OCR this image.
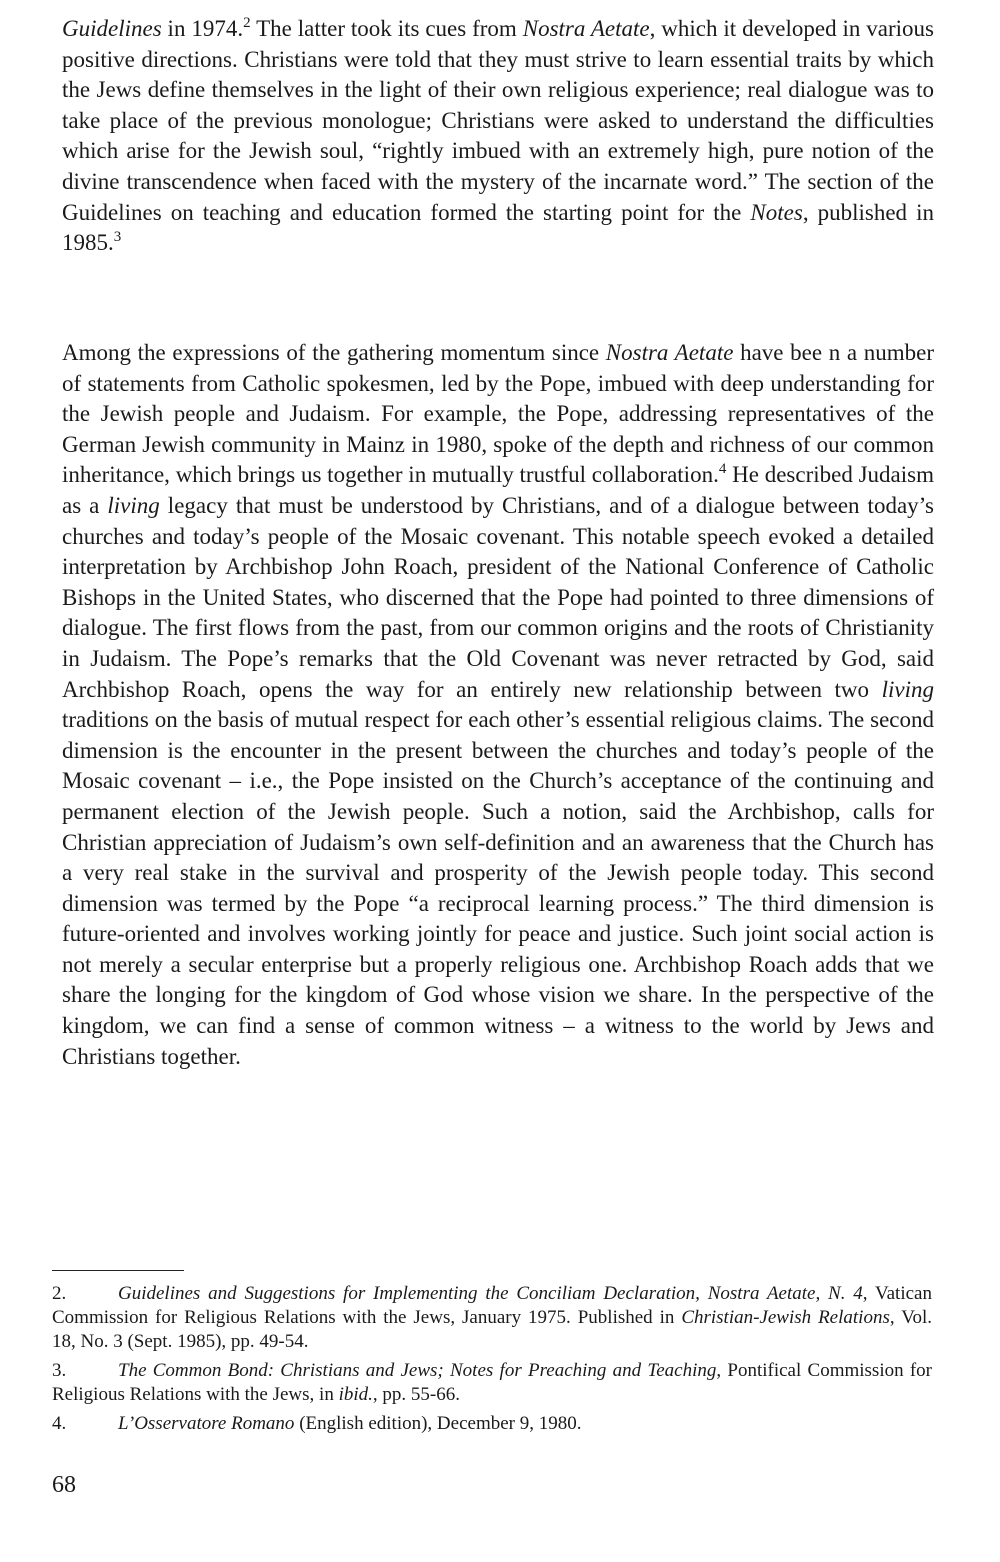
Guidelines in 1974.$^2$ The latter took its cues from Nostra Aetate, which it developed in various positive directions. Christians were told that they must strive to learn essential traits by which the Jews define themselves in the light of their own religious experience; real dialogue was to take place of the previous monologue; Christians were asked to understand the difficulties which arise for the Jewish soul, “rightly imbued with an extremely high, pure notion of the divine transcendence when faced with the mystery of the incarnate word.” The section of the Guidelines on teaching and education formed the starting point for the Notes, published in 1985.$^3$

Among the expressions of the gathering momentum since Nostra Aetate have bee n a number of statements from Catholic spokesmen, led by the Pope, imbued with deep understanding for the Jewish people and Judaism. For example, the Pope, addressing representatives of the German Jewish community in Mainz in 1980, spoke of the depth and richness of our common inheritance, which brings us together in mutually trustful collaboration.$^4$ He described Judaism as a living legacy that must be understood by Christians, and of a dialogue between today’s churches and today’s people of the Mosaic covenant. This notable speech evoked a detailed interpretation by Archbishop John Roach, president of the National Conference of Catholic Bishops in the United States, who discerned that the Pope had pointed to three dimensions of dialogue. The first flows from the past, from our common origins and the roots of Christianity in Judaism. The Pope’s remarks that the Old Covenant was never retracted by God, said Archbishop Roach, opens the way for an entirely new relationship between two living traditions on the basis of mutual respect for each other’s essential religious claims. The second dimension is the encounter in the present between the churches and today’s people of the Mosaic covenant – i.e., the Pope insisted on the Church’s acceptance of the continuing and permanent election of the Jewish people. Such a notion, said the Archbishop, calls for Christian appreciation of Judaism’s own self-definition and an awareness that the Church has a very real stake in the survival and prosperity of the Jewish people today. This second dimension was termed by the Pope “a reciprocal learning process.” The third dimension is future-oriented and involves working jointly for peace and justice. Such joint social action is not merely a secular enterprise but a properly religious one. Archbishop Roach adds that we share the longing for the kingdom of God whose vision we share. In the perspective of the kingdom, we can find a sense of common witness – a witness to the world by Jews and Christians together.

2.	Guidelines and Suggestions for Implementing the Conciliam Declaration, Nostra Aetate, N. 4, Vatican Commission for Religious Relations with the Jews, January 1975. Published in Christian-Jewish Relations, Vol. 18, No. 3 (Sept. 1985), pp. 49-54.

3.	The Common Bond: Christians and Jews; Notes for Preaching and Teaching, Pontifical Commission for Religious Relations with the Jews, in ibid., pp. 55-66.

4.	L’Osservatore Romano (English edition), December 9, 1980.

68
